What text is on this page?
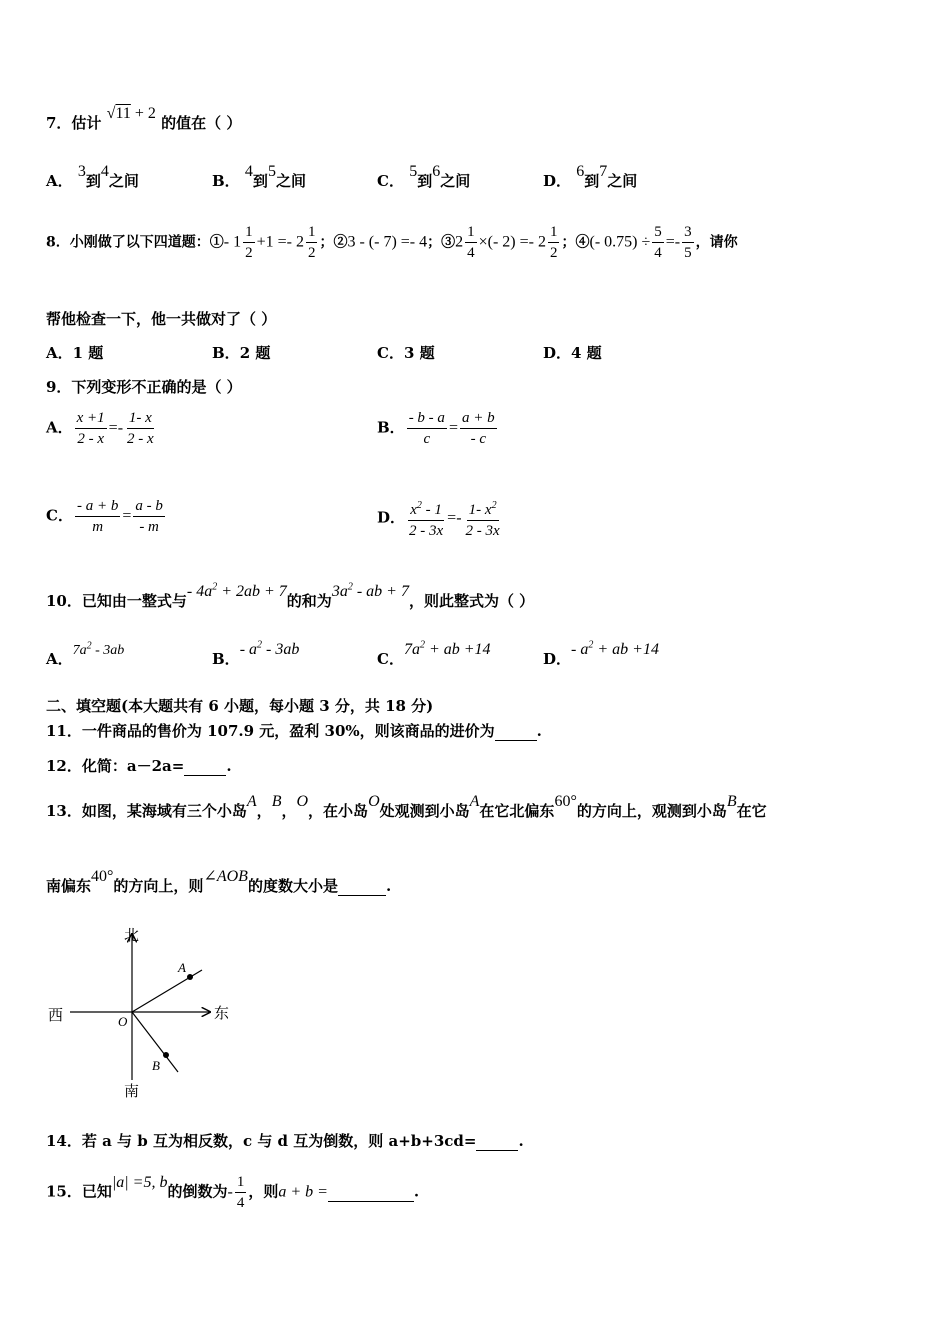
7．估计 √11 + 2 的值在（ ）
A． 3到4之间	B． 4到5之间	C． 5到6之间	D． 6到7之间
8．小刚做了以下四道题：①- $1 \frac{1}{2} +1 =- 2 \frac{1}{2}$ ；②3 - (- 7) =- 4；③2 $\frac{1}{4}$ ×(- $2) =- 2 \frac{1}{2}$ ；④(- $0.75) \div \frac{5}{4} =- \frac{3}{5}$ ，请你
帮他检查一下，他一共做对了（ ）
A．1 题	B．2 题	C．3 题	D．4 题
9．下列变形不正确的是（ ）
A． $\frac{x +1}{2 - x} =- \frac{1- x}{2 - x}$	B． $\frac{- b - a}{c} = \frac{a + b}{- c}$
C． $\frac{- a + b}{m} = \frac{a - b}{- m}$	D． $\frac{x^2 - 1}{2 - 3x} =- \frac{1- x^2}{2 - 3x}$
10．已知由一整式与- $4a^2 + 2ab + 7$的和为$3a^2$ - ab + 7，则此整式为（ ）
A．$7a^2 - 3ab$	B．- $a^2 - 3ab$
C．$7a^2$ + ab +14
D．- $a^2$ + ab +14
二、填空题(本大题共有 6 小题，每小题 3 分，共 18 分)
11．一件商品的售价为 107.9 元，盈利 30%，则该商品的进价为	.
12．化简：a－2a=	.
13．如图，某海域有三个小岛A，B，O，在小岛O处观测到小岛A在它北偏东60°的方向上，观测到小岛B在它
南偏东40°的方向上，则∠AOB的度数大小是	.
北
南
西	东
A
B
O
14．若 a 与 b 互为相反数，c 与 d 互为倒数，则 a+b+3cd=	.
15．已知|a| =5, b的倒数为- $\frac{1}{4}$ ，则a + b =	.
